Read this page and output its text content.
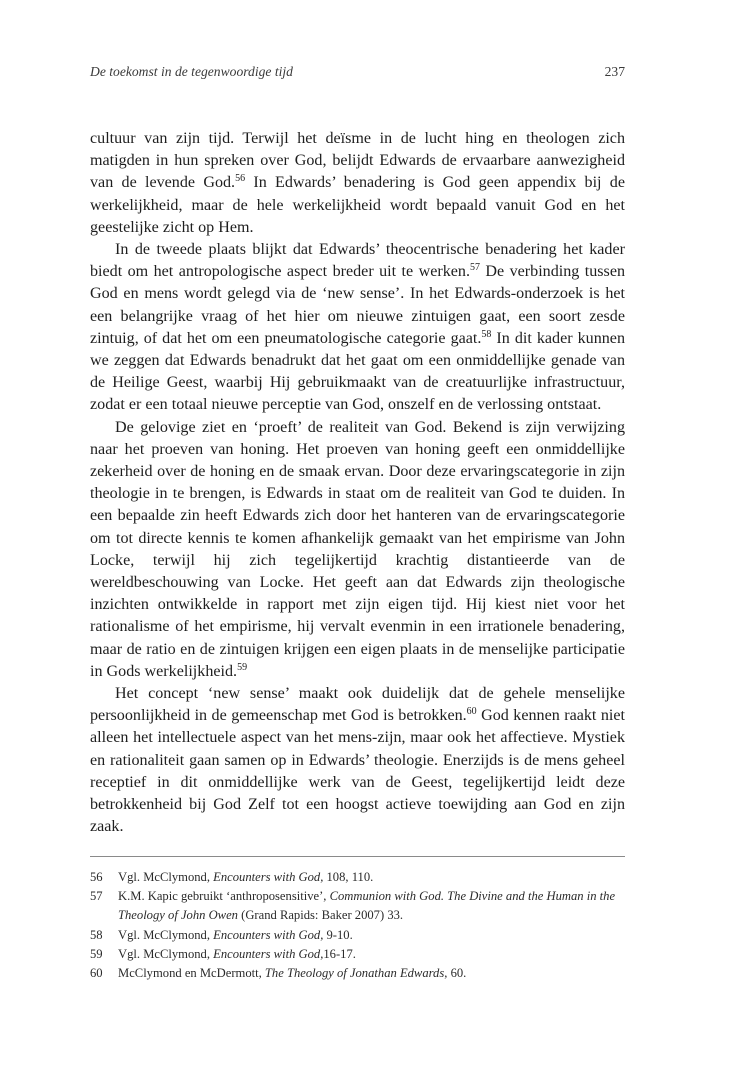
De toekomst in de tegenwoordige tijd	237

cultuur van zijn tijd. Terwijl het deïsme in de lucht hing en theologen zich matigden in hun spreken over God, belijdt Edwards de ervaarbare aanwezigheid van de levende God.$^{56}$ In Edwards’ benadering is God geen appendix bij de werkelijkheid, maar de hele werkelijkheid wordt bepaald vanuit God en het geestelijke zicht op Hem.

In de tweede plaats blijkt dat Edwards’ theocentrische benadering het kader biedt om het antropologische aspect breder uit te werken.$^{57}$ De verbinding tussen God en mens wordt gelegd via de ‘new sense’. In het Edwards-onderzoek is het een belangrijke vraag of het hier om nieuwe zintuigen gaat, een soort zesde zintuig, of dat het om een pneumatologische categorie gaat.$^{58}$ In dit kader kunnen we zeggen dat Edwards benadrukt dat het gaat om een onmiddellijke genade van de Heilige Geest, waarbij Hij gebruikmaakt van de creatuurlijke infrastructuur, zodat er een totaal nieuwe perceptie van God, onszelf en de verlossing ontstaat.

De gelovige ziet en ‘proeft’ de realiteit van God. Bekend is zijn verwijzing naar het proeven van honing. Het proeven van honing geeft een onmiddellijke zekerheid over de honing en de smaak ervan. Door deze ervaringscategorie in zijn theologie in te brengen, is Edwards in staat om de realiteit van God te duiden. In een bepaalde zin heeft Edwards zich door het hanteren van de ervaringscategorie om tot directe kennis te komen afhankelijk gemaakt van het empirisme van John Locke, terwijl hij zich tegelijkertijd krachtig distantieerde van de wereldbeschouwing van Locke. Het geeft aan dat Edwards zijn theologische inzichten ontwikkelde in rapport met zijn eigen tijd. Hij kiest niet voor het rationalisme of het empirisme, hij vervalt evenmin in een irrationele benadering, maar de ratio en de zintuigen krijgen een eigen plaats in de menselijke participatie in Gods werkelijkheid.$^{59}$

Het concept ‘new sense’ maakt ook duidelijk dat de gehele menselijke persoonlijkheid in de gemeenschap met God is betrokken.$^{60}$ God kennen raakt niet alleen het intellectuele aspect van het mens-zijn, maar ook het affectieve. Mystiek en rationaliteit gaan samen op in Edwards’ theologie. Enerzijds is de mens geheel receptief in dit onmiddellijke werk van de Geest, tegelijkertijd leidt deze betrokkenheid bij God Zelf tot een hoogst actieve toewijding aan God en zijn zaak.

56	Vgl. McClymond, Encounters with God, 108, 110.
57	K.M. Kapic gebruikt ‘anthroposensitive’, Communion with God. The Divine and the Human in the Theology of John Owen (Grand Rapids: Baker 2007) 33.
58	Vgl. McClymond, Encounters with God, 9-10.
59	Vgl. McClymond, Encounters with God,16-17.
60	McClymond en McDermott, The Theology of Jonathan Edwards, 60.
